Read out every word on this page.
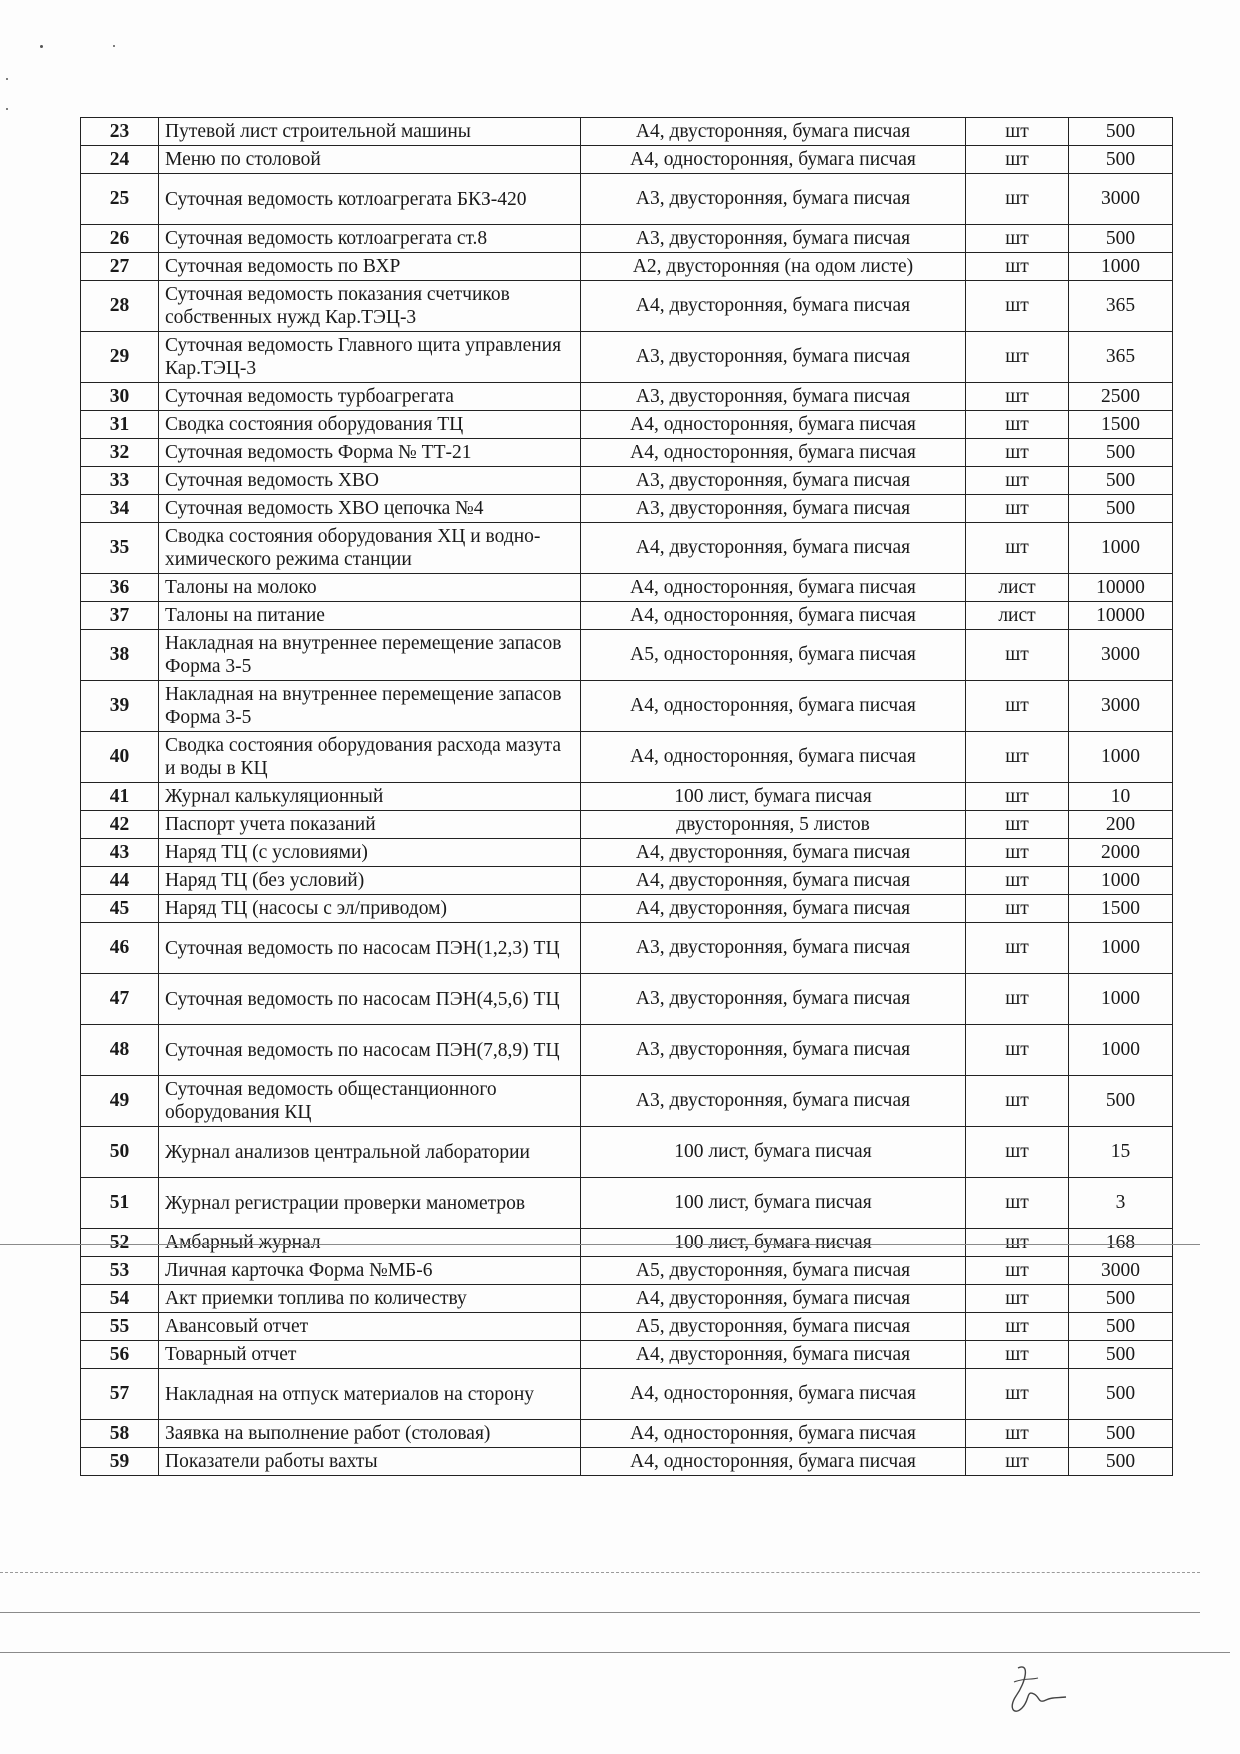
23	Путевой лист строительной машины	А4, двусторонняя, бумага писчая	шт	500
24	Меню по столовой	А4, односторонняя, бумага писчая	шт	500
25	Суточная ведомость котлоагрегата БКЗ-420	А3, двусторонняя, бумага писчая	шт	3000
26	Суточная ведомость котлоагрегата ст.8	А3, двусторонняя, бумага писчая	шт	500
27	Суточная ведомость по ВХР	А2, двусторонняя (на одом листе)	шт	1000
28	Суточная ведомость показания счетчиков собственных нужд Кар.ТЭЦ-3	А4, двусторонняя, бумага писчая	шт	365
29	Суточная ведомость Главного щита управления Кар.ТЭЦ-3	А3, двусторонняя, бумага писчая	шт	365
30	Суточная ведомость турбоагрегата	А3, двусторонняя, бумага писчая	шт	2500
31	Сводка состояния оборудования ТЦ	А4, односторонняя, бумага писчая	шт	1500
32	Суточная ведомость Форма № ТТ-21	А4, односторонняя, бумага писчая	шт	500
33	Суточная ведомость ХВО	А3, двусторонняя, бумага писчая	шт	500
34	Суточная ведомость ХВО цепочка №4	А3, двусторонняя, бумага писчая	шт	500
35	Сводка состояния оборудования ХЦ и водно-химического режима станции	А4, двусторонняя, бумага писчая	шт	1000
36	Талоны на молоко	А4, односторонняя, бумага писчая	лист	10000
37	Талоны на питание	А4, односторонняя, бумага писчая	лист	10000
38	Накладная на внутреннее перемещение запасов Форма 3-5	А5, односторонняя, бумага писчая	шт	3000
39	Накладная на внутреннее перемещение запасов Форма 3-5	А4, односторонняя, бумага писчая	шт	3000
40	Сводка состояния оборудования расхода мазута и воды в КЦ	А4, односторонняя, бумага писчая	шт	1000
41	Журнал калькуляционный	100 лист, бумага писчая	шт	10
42	Паспорт учета показаний	двусторонняя, 5 листов	шт	200
43	Наряд ТЦ (с условиями)	А4, двусторонняя, бумага писчая	шт	2000
44	Наряд ТЦ (без условий)	А4, двусторонняя, бумага писчая	шт	1000
45	Наряд ТЦ (насосы с эл/приводом)	А4, двусторонняя, бумага писчая	шт	1500
46	Суточная ведомость по насосам ПЭН(1,2,3) ТЦ	А3, двусторонняя, бумага писчая	шт	1000
47	Суточная ведомость по насосам ПЭН(4,5,6) ТЦ	А3, двусторонняя, бумага писчая	шт	1000
48	Суточная ведомость по насосам ПЭН(7,8,9) ТЦ	А3, двусторонняя, бумага писчая	шт	1000
49	Суточная ведомость общестанционного оборудования КЦ	А3, двусторонняя, бумага писчая	шт	500
50	Журнал анализов центральной лаборатории	100 лист, бумага писчая	шт	15
51	Журнал регистрации проверки манометров	100 лист, бумага писчая	шт	3
52	Амбарный журнал	100 лист, бумага писчая	шт	168
53	Личная карточка Форма №МБ-6	А5, двусторонняя, бумага писчая	шт	3000
54	Акт приемки топлива по количеству	А4, двусторонняя, бумага писчая	шт	500
55	Авансовый отчет	А5, двусторонняя, бумага писчая	шт	500
56	Товарный отчет	А4, двусторонняя, бумага писчая	шт	500
57	Накладная на отпуск материалов на сторону	А4, односторонняя, бумага писчая	шт	500
58	Заявка на выполнение работ (столовая)	А4, односторонняя, бумага писчая	шт	500
59	Показатели работы вахты	А4, односторонняя, бумага писчая	шт	500
